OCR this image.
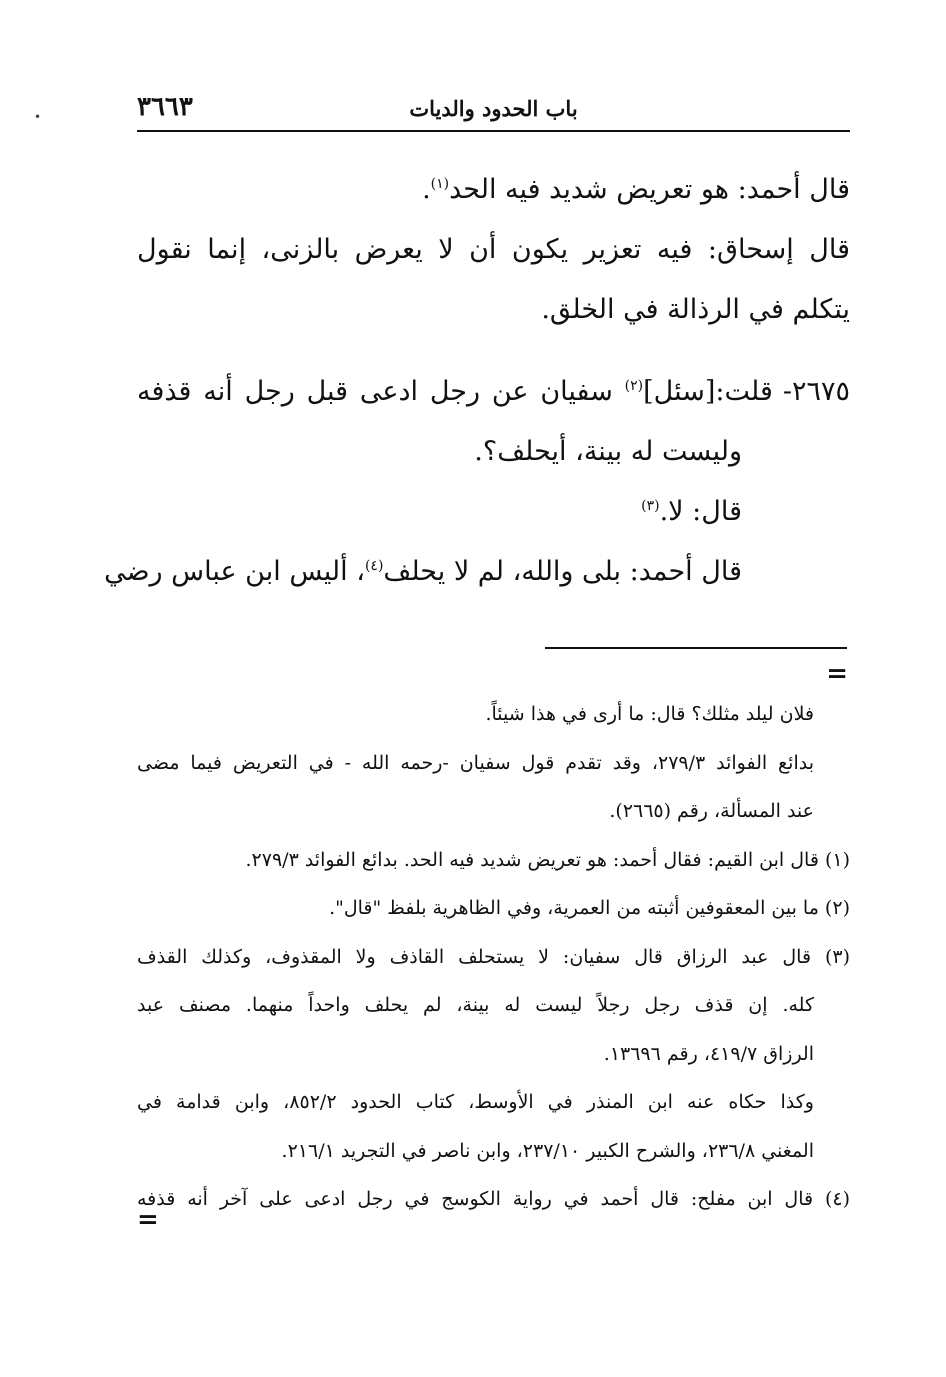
•	باب الحدود والديات
٣٦٦٣
قال أحمد: هو تعريض شديد فيه الحد$^{(١)}$.
قال إسحاق: فيه تعزير يكون أن لا يعرض بالزنى، إنما نقول
يتكلم في الرذالة في الخلق.
٢٦٧٥-قلت:[سئل]$^{(٢)}$ سفيان عن رجل ادعى قبل رجل أنه قذفه
وليست له بينة، أيحلف؟.
قال: لا.$^{(٣)}$
قال أحمد: بلى والله، لم لا يحلف$^{(٤)}$، أليس ابن عباس رضي
=
فلان ليلد مثلك؟ قال: ما أرى في هذا شيئاً.
بدائع الفوائد ٢٧٩/٣، وقد تقدم قول سفيان -رحمه الله - في التعريض فيما مضى
عند المسألة، رقم (٢٦٦٥).
(١) قال ابن القيم: فقال أحمد: هو تعريض شديد فيه الحد. بدائع الفوائد ٢٧٩/٣.
(٢) ما بين المعقوفين أثبته من العمرية، وفي الظاهرية بلفظ "قال".
(٣) قال عبد الرزاق قال سفيان: لا يستحلف القاذف ولا المقذوف، وكذلك القذف
كله. إن قذف رجل رجلاً ليست له بينة، لم يحلف واحداً منهما. مصنف عبد
الرزاق ٤١٩/٧، رقم ١٣٦٩٦.
وكذا حكاه عنه ابن المنذر في الأوسط، كتاب الحدود ٨٥٢/٢، وابن قدامة في
المغني ٢٣٦/٨، والشرح الكبير ٢٣٧/١٠، وابن ناصر في التجريد ٢١٦/١.
(٤) قال ابن مفلح: قال أحمد في رواية الكوسج في رجل ادعى على آخر أنه قذفه
=
